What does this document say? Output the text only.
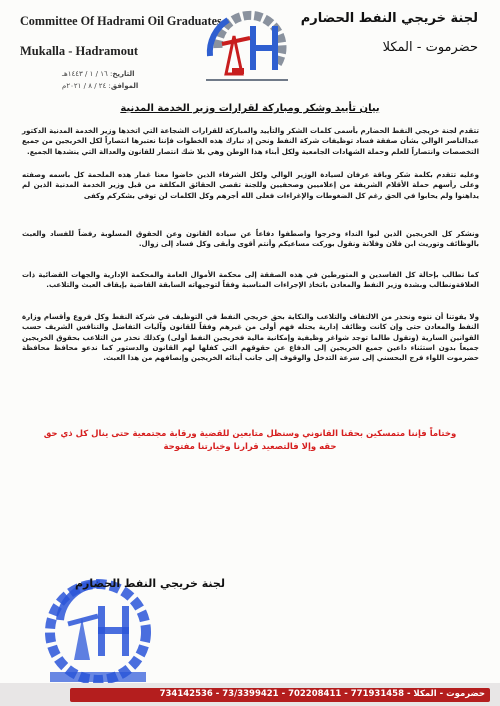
Committee Of Hadrami Oil Graduates
Mukalla - Hadramout
لجنة خريجي النفط الحضارم
حضرموت - المكلا
التاريخ: ١٦ / ١ / ١٤٤٣هـ
الموافق: ٢٤ / ٨ / ٢٠٢١م
بيان تأييد وشكر ومباركة لقرارات وزير الخدمة المدنية

تتقدم لجنة خريجي النفط الحضارم بأسمى كلمات الشكر والتأييد والمباركة للقرارات الشجاعة التي اتخذها وزير الخدمة المدنية الدكتور عبدالناصر الوالي بشأن صفقة فساد توظيفات شركة النفط ونحن إذ نبارك هذه الخطوات فإننا نعتبرها انتصاراً لكل الخريجين من جميع التخصصات وانتصاراً للعلم وحملة الشهادات الجامعية ولكل أبناء هذا الوطن وهي بلا شك انتصار للقانون والعدالة التي ينشدها الجميع.

وعليه تتقدم بكلمة شكر وباقة عرفان لسيادة الوزير الوالي ولكل الشرفاء الذين خاضوا معنا غمار هذه الملحمة كل باسمه وصفته وعلى رأسهم حملة الأقلام الشريفة من إعلاميين وصحفيين وللجنة تقصي الحقائق المكلفة من قبل وزير الخدمة المدنية الذين لم يداهنوا ولم يحابوا في الحق رغم كل الضغوطات والإغراءات فعلى الله أجرهم وكل الكلمات لن توفي بشكركم وكفى

ونشكر كل الخريجين الذين لبوا النداء وخرجوا واصطفوا دفاعاً عن سيادة القانون وعن الحقوق المسلوبة رفضاً للفساد والعبث بالوظائف وتوريث ابن فلان وفلانة ونقول بوركت مساعيكم وأنتم أقوى وأبقى وكل فساد إلى زوال.

كما نطالب بإحالة كل الفاسدين و المتورطين في هذه الصفقة إلى محكمة الأموال العامة والمحكمة الإدارية والجهات القضائية ذات العلاقةونطالب وبشدة وزير النفط والمعادن باتخاذ الإجراءات المناسبة وفقاً لتوجيهاته السابقة القاضية بإيقاف العبث والتلاعب.

ولا يفوتنا أن ننوه ونحذر من الالتفاف والتلاعب والنكاية بحق خريجي النفط في التوظيف في شركة النفط وكل فروع وأقسام وزارة النفط والمعادن حتى وإن كانت وظائف إدارية يحتله فهم أولى من غيرهم وفقاً للقانون وآليات التفاضل والتنافس الشريف حسب القوانين السارية (ونقول طالما توجد شواغر وظيفية وإمكانية مالية فخريجين النفط أولى) وكذلك نحذر من التلاعب بحقوق الخريجين جميعاً بدون استثناء داعين جميع الخريجين إلى الدفاع عن حقوقهم التي كفلها لهم القانون والدستور كما ندعو محافظ محافظة حضرموت اللواء فرج البحسني إلى سرعة التدخل والوقوف إلى جانب أبنائه الخريجين وإنصافهم من هذا العبث.

وختاماً فإننا متمسكين بحقنا القانوني وسنظل متابعين للقضية ورقابة مجتمعية حتى ينال كل ذي حق حقه وإلا فالتصعيد قرارنا وخيارتنا مفتوحة
لجنة خريجي النفط الحضارم
حضرموت - المكلا - 771931458 - 702208411 - 73/3399421 - 734142536
